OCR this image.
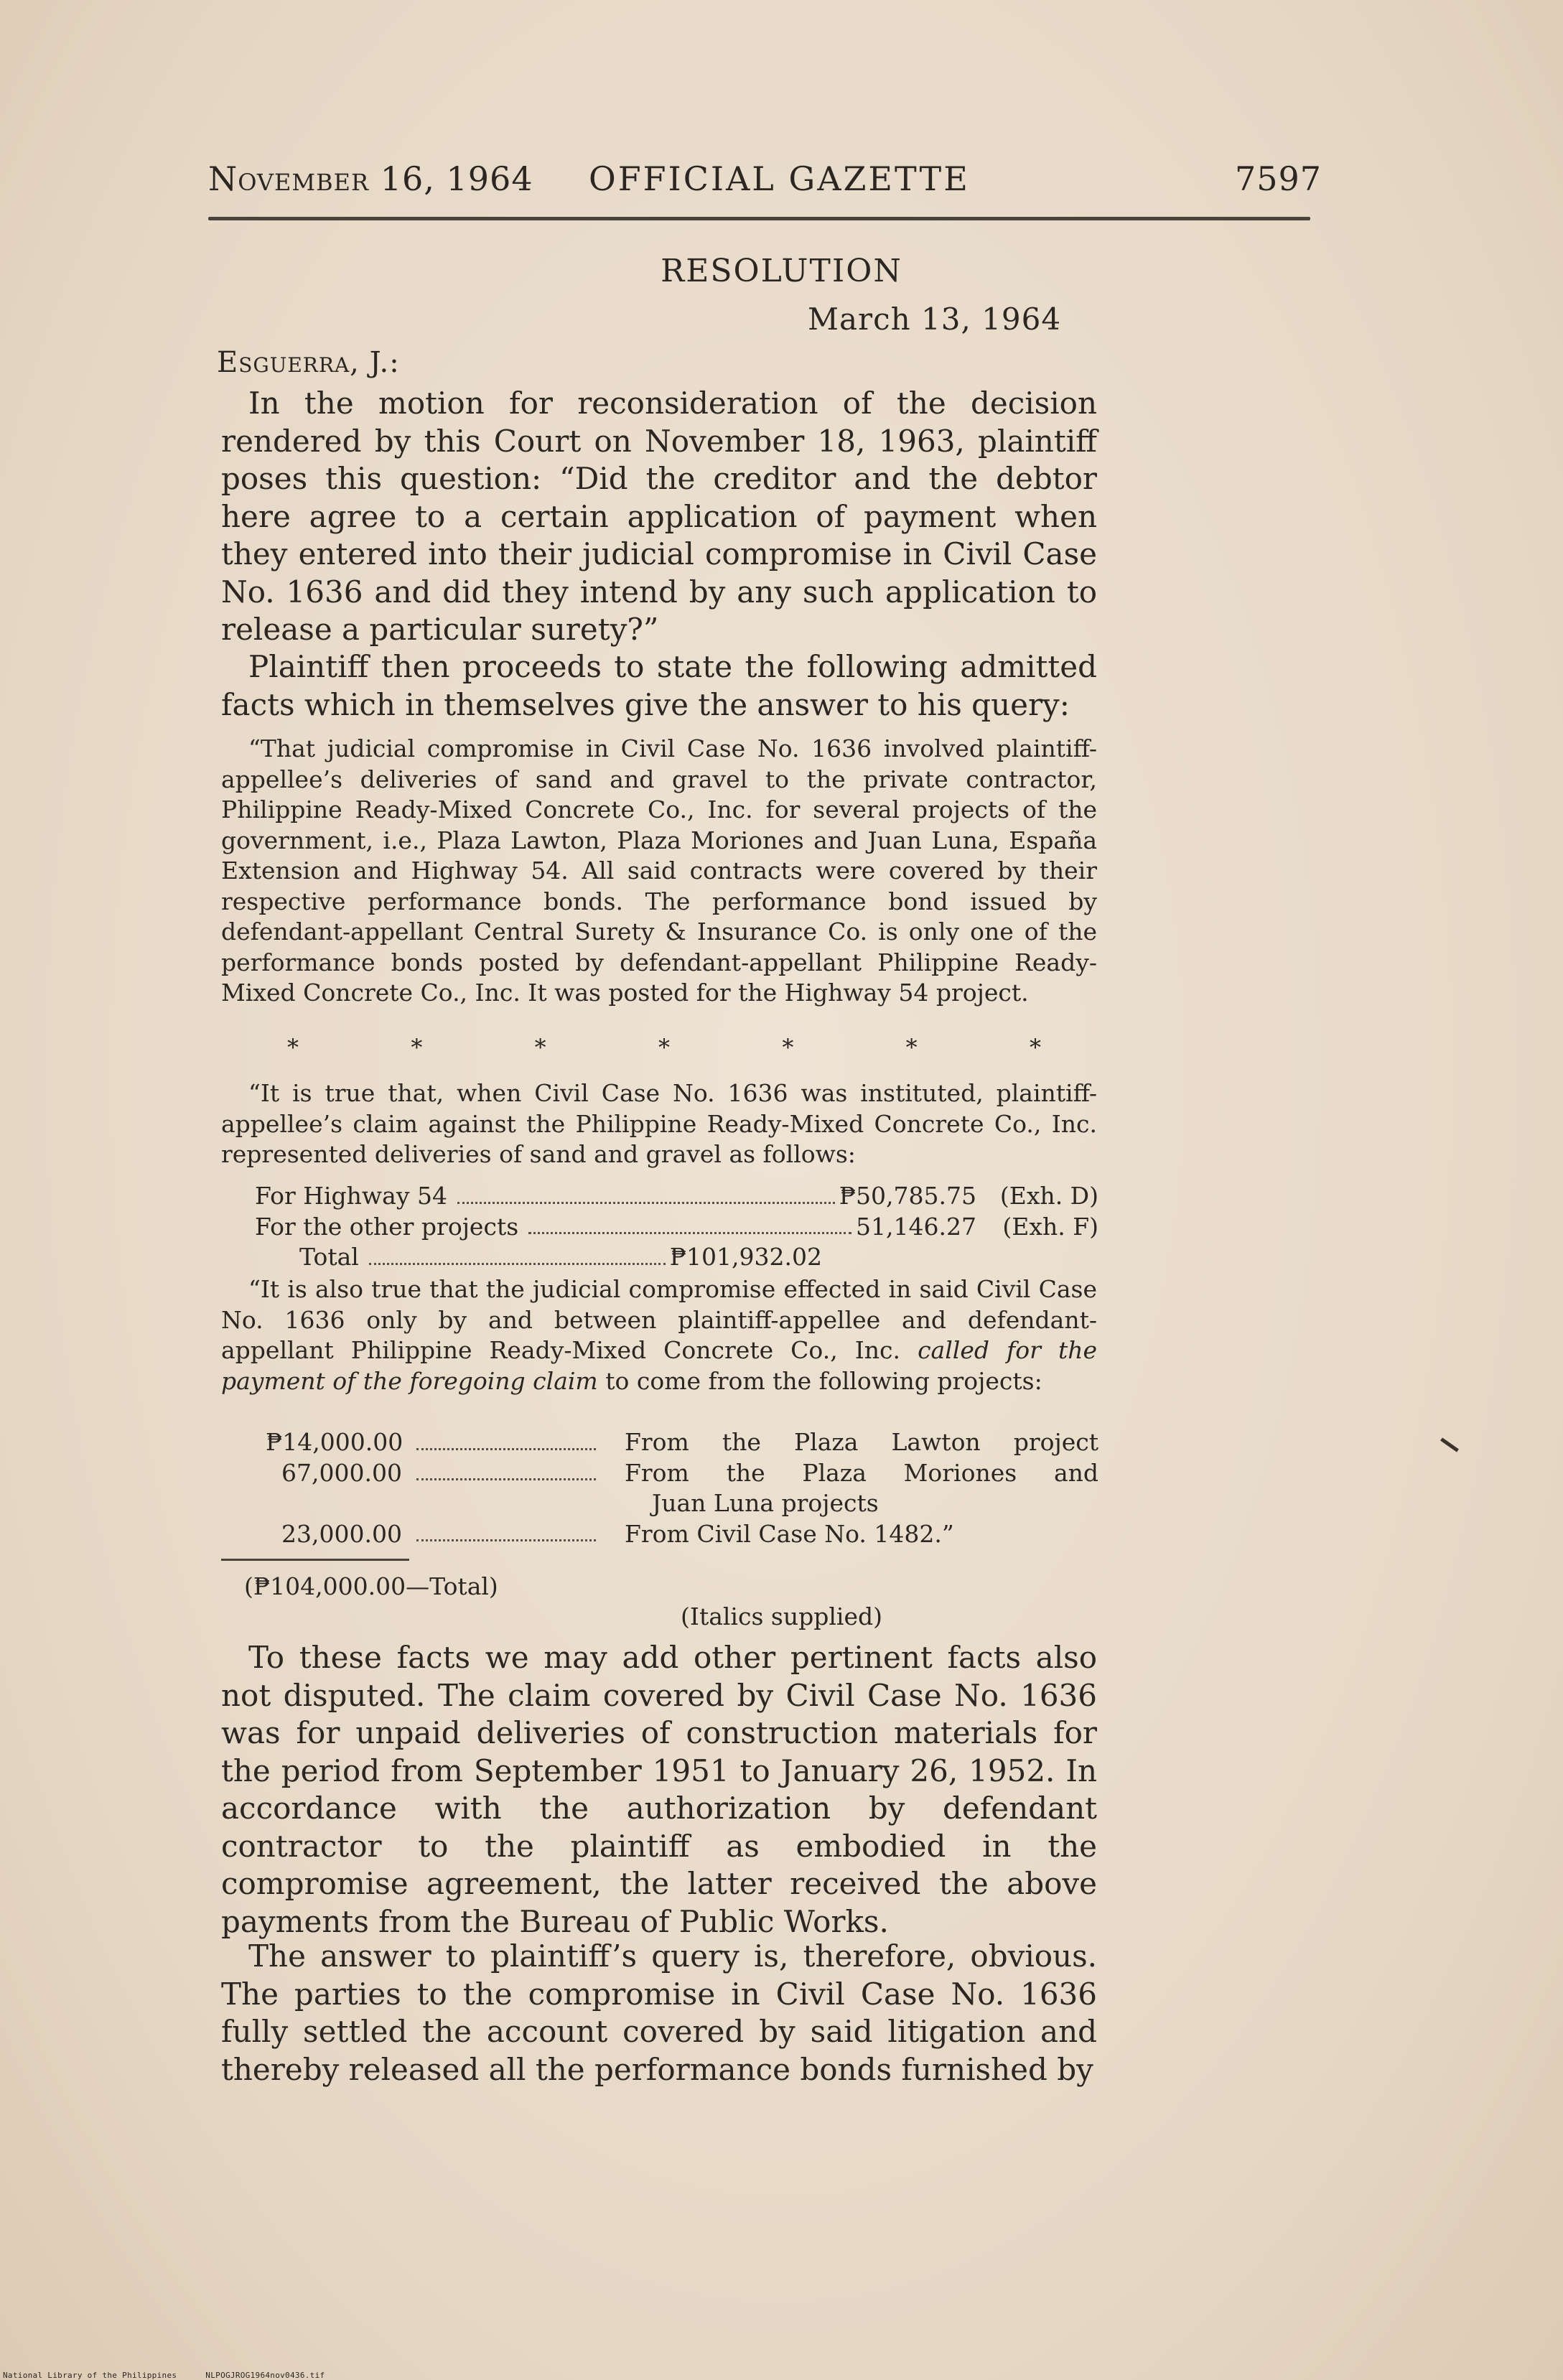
November 16, 1964 OFFICIAL GAZETTE	7597
RESOLUTION
March 13, 1964
Esguerra, J.:

In the motion for reconsideration of the decision rendered by this Court on November 18, 1963, plaintiff poses this question: “Did the creditor and the debtor here agree to a certain application of payment when they entered into their judicial compromise in Civil Case No. 1636 and did they intend by any such application to release a particular surety?”

Plaintiff then proceeds to state the following admitted facts which in themselves give the answer to his query:

“That judicial compromise in Civil Case No. 1636 involved plaintiff-appellee’s deliveries of sand and gravel to the private contractor, Philippine Ready-Mixed Concrete Co., Inc. for several projects of the government, i.e., Plaza Lawton, Plaza Moriones and Juan Luna, España Extension and Highway 54. All said contracts were covered by their respective performance bonds. The performance bond issued by defendant-appellant Central Surety & Insurance Co. is only one of the performance bonds posted by defendant-appellant Philippine Ready-Mixed Concrete Co., Inc. It was posted for the Highway 54 project.

*	*	*	*	*	*	*

“It is true that, when Civil Case No. 1636 was instituted, plaintiff-appellee’s claim against the Philippine Ready-Mixed Concrete Co., Inc. represented deliveries of sand and gravel as follows:

For Highway 54	₱50,785.75 (Exh. D)
For the other projects	51,146.27	(Exh. F)
Total	₱101,932.02

“It is also true that the judicial compromise effected in said Civil Case No. 1636 only by and between plaintiff-appellee and defendant-appellant Philippine Ready-Mixed Concrete Co., Inc. called for the payment of the foregoing claim to come from the following projects:

₱14,000.00	From the Plaza Lawton project
67,000.00	From the Plaza Moriones and
Juan Luna projects
23,000.00	From Civil Case No. 1482.”
(₱104,000.00—Total)
(Italics supplied)

To these facts we may add other pertinent facts also not disputed. The claim covered by Civil Case No. 1636 was for unpaid deliveries of construction materials for the period from September 1951 to January 26, 1952. In accordance with the authorization by defendant contractor to the plaintiff as embodied in the compromise agreement, the latter received the above payments from the Bureau of Public Works.

The answer to plaintiff’s query is, therefore, obvious. The parties to the compromise in Civil Case No. 1636 fully settled the account covered by said litigation and thereby released all the performance bonds furnished by

National Library of the Philippines	NLPOGJROG1964nov0436.tif
